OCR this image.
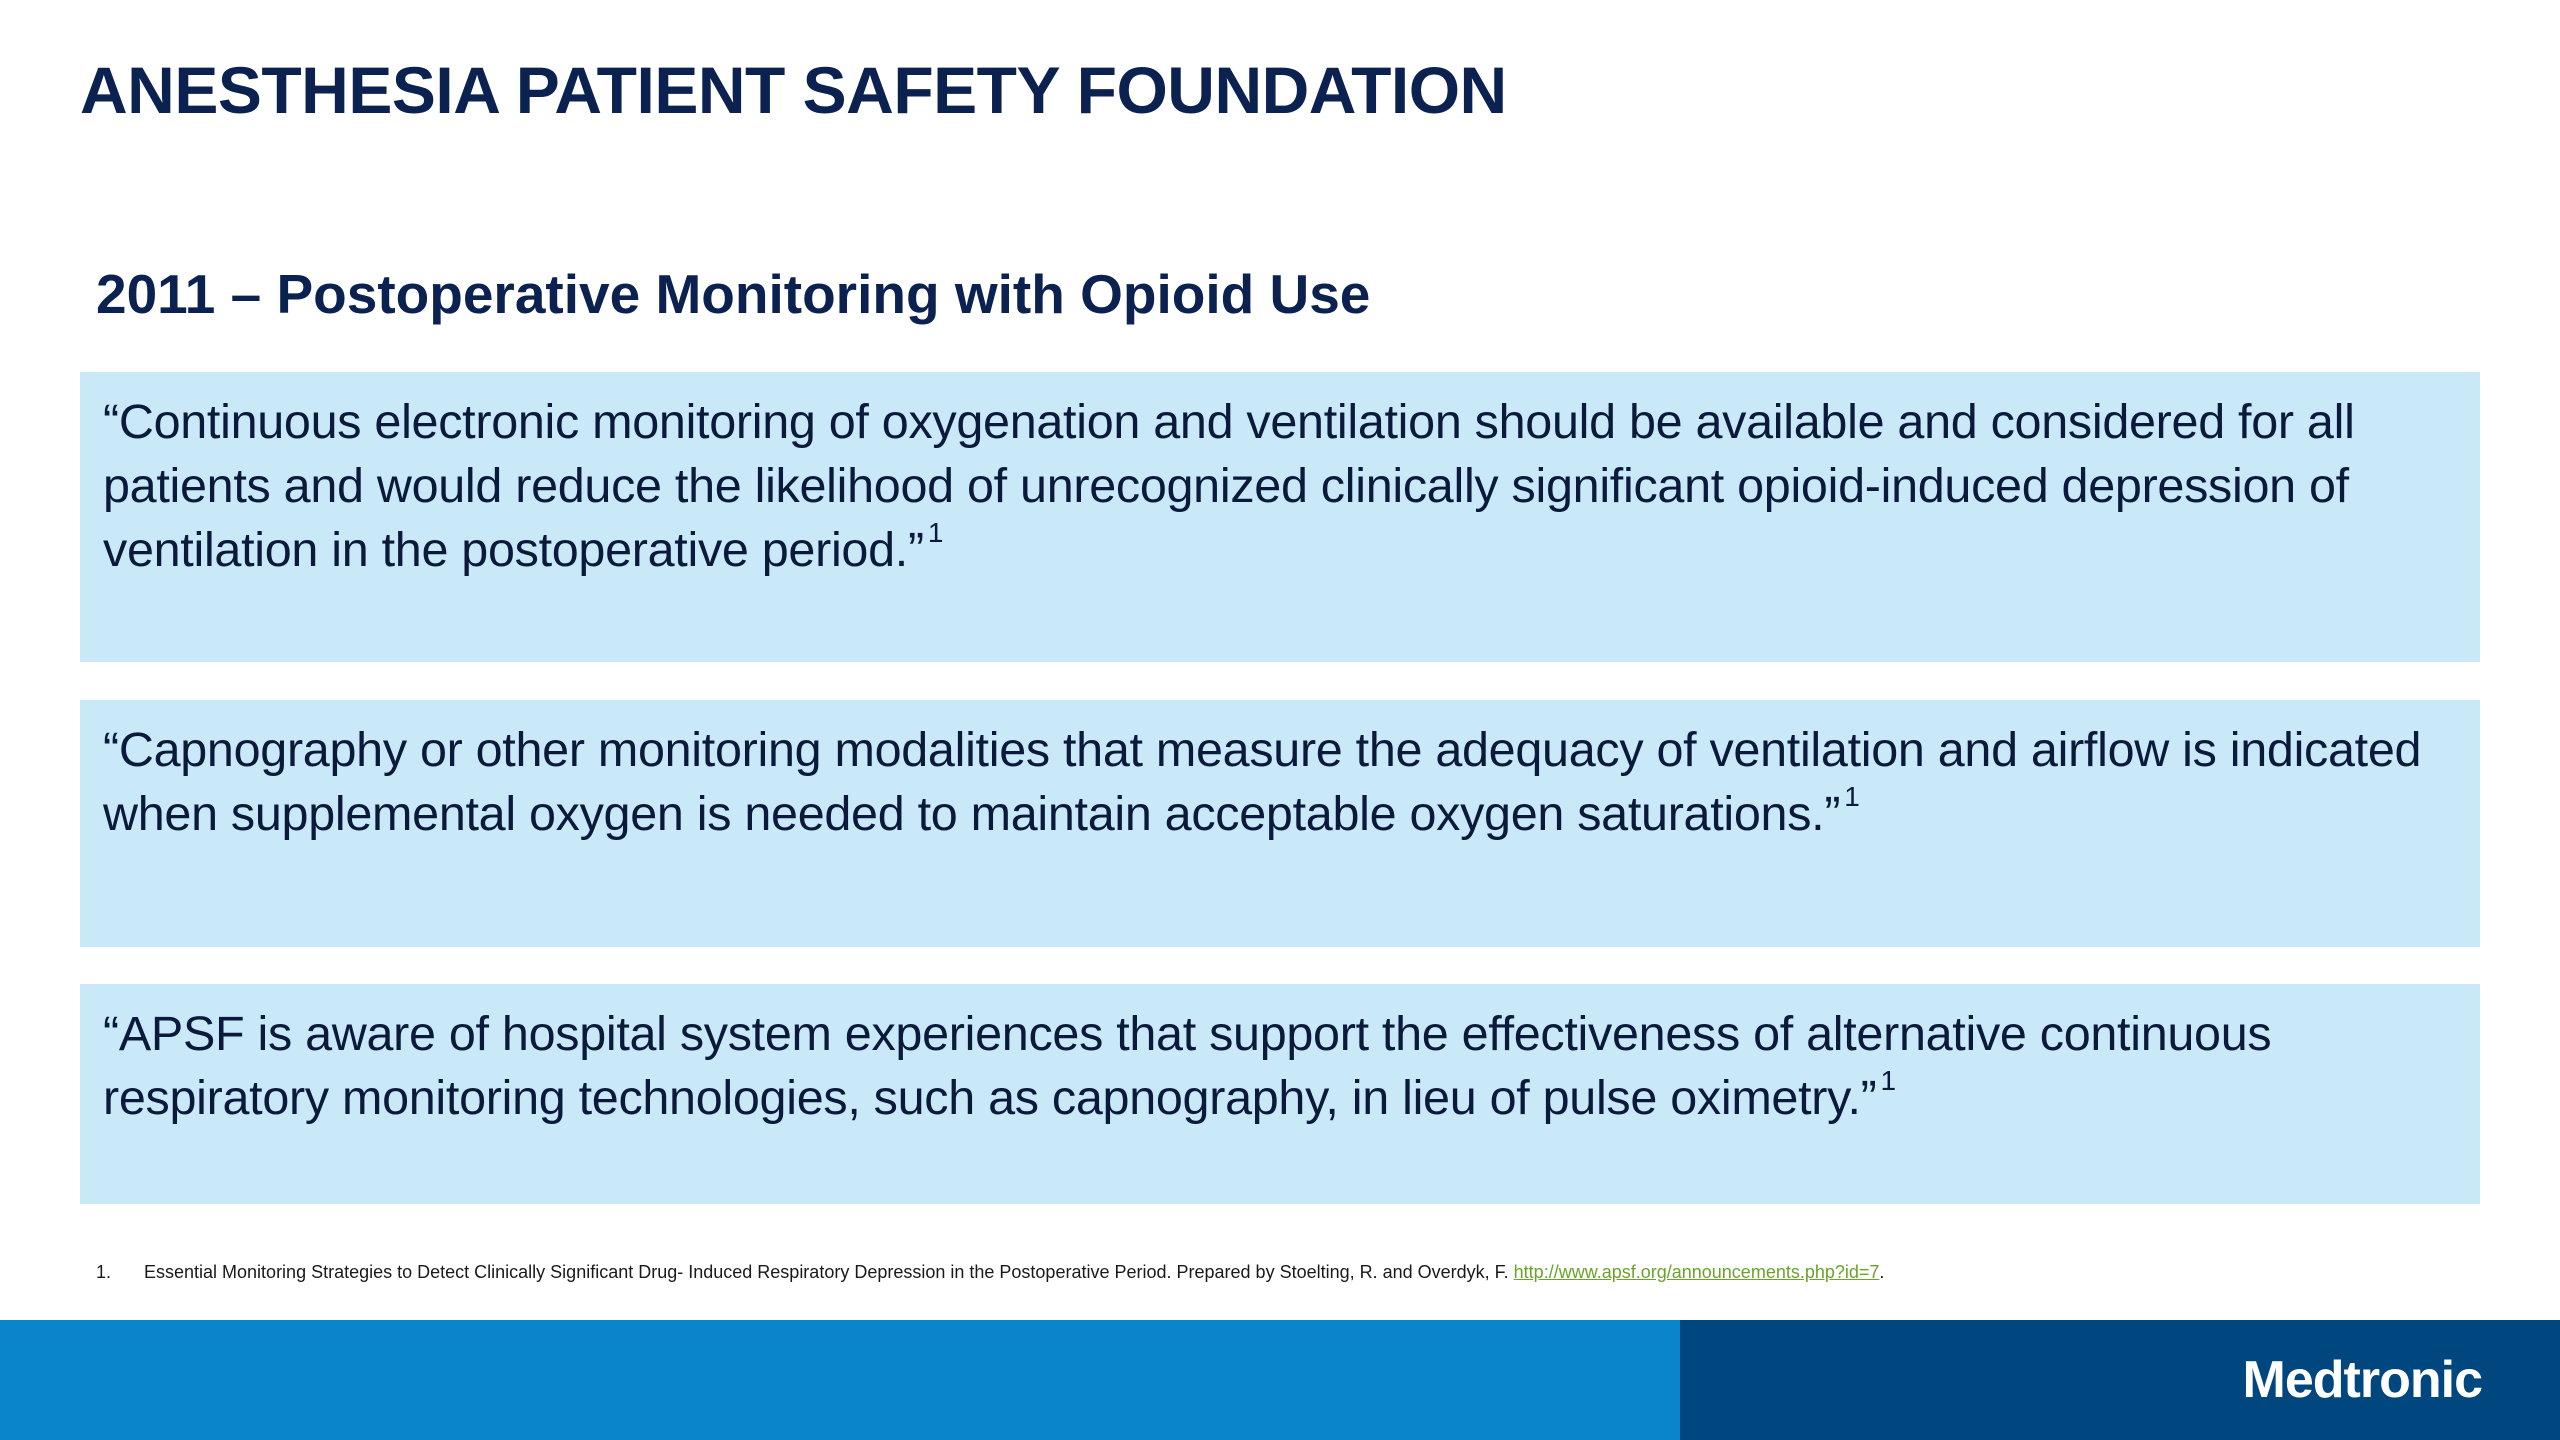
ANESTHESIA PATIENT SAFETY FOUNDATION
2011 – Postoperative Monitoring with Opioid Use
“Continuous electronic monitoring of oxygenation and ventilation should be available and considered for all patients and would reduce the likelihood of unrecognized clinically significant opioid-induced depression of ventilation in the postoperative period.” $^1$
“Capnography or other monitoring modalities that measure the adequacy of ventilation and airflow is indicated when supplemental oxygen is needed to maintain acceptable oxygen saturations.” $^1$
“APSF is aware of hospital system experiences that support the effectiveness of alternative continuous respiratory monitoring technologies, such as capnography, in lieu of pulse oximetry.” $^1$
1. Essential Monitoring Strategies to Detect Clinically Significant Drug- Induced Respiratory Depression in the Postoperative Period. Prepared by Stoelting, R. and Overdyk, F. http://www.apsf.org/announcements.php?id=7.
Medtronic
